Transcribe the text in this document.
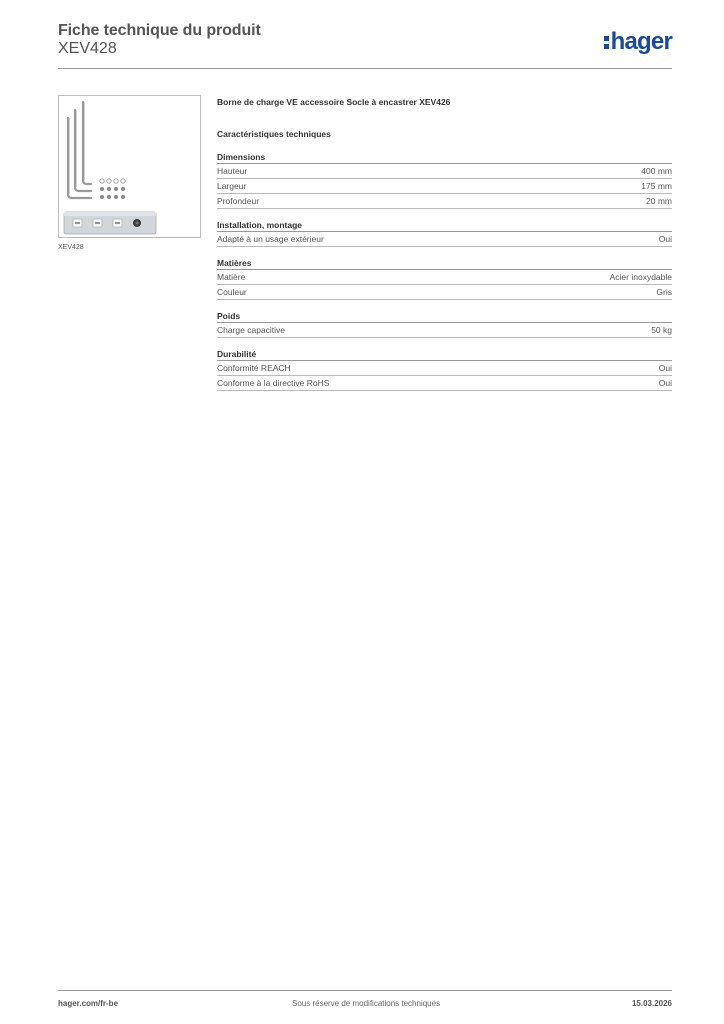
Fiche technique du produit
XEV428	hager
XEV428
Borne de charge VE accessoire Socle à encastrer XEV426
Caractéristiques techniques
Dimensions
Hauteur	400 mm
Largeur	175 mm
Profondeur	20 mm
Installation, montage
Adapté à un usage extérieur	Oui
Matières
Matière	Acier inoxydable
Couleur	Gris
Poids
Charge capacitive	50 kg
Durabilité
Conformité REACH	Oui
Conforme à la directive RoHS	Oui
hager.com/fr-be	Sous réserve de modifications techniques	15.03.2026
